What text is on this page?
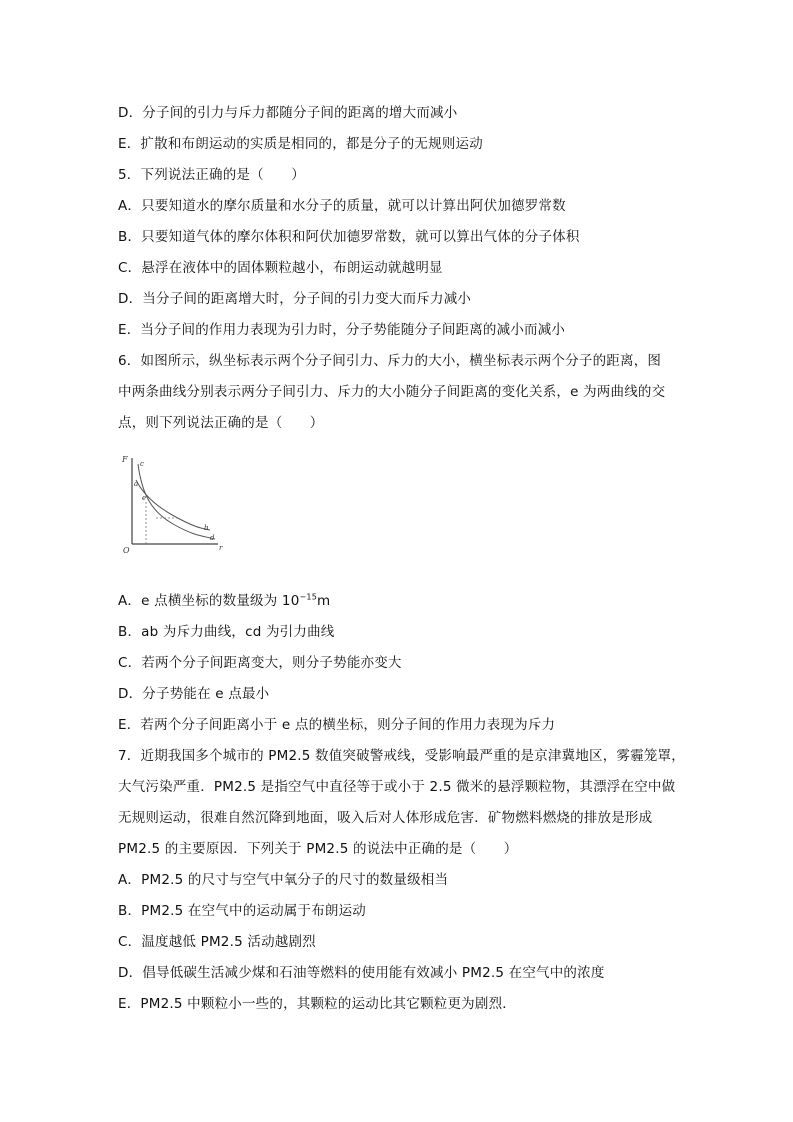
D．分子间的引力与斥力都随分子间的距离的增大而减小
E．扩散和布朗运动的实质是相同的，都是分子的无规则运动
5．下列说法正确的是（　　）
A．只要知道水的摩尔质量和水分子的质量，就可以计算出阿伏加德罗常数
B．只要知道气体的摩尔体积和阿伏加德罗常数，就可以算出气体的分子体积
C．悬浮在液体中的固体颗粒越小，布朗运动就越明显
D．当分子间的距离增大时，分子间的引力变大而斥力减小
E．当分子间的作用力表现为引力时，分子势能随分子间距离的减小而减小
6．如图所示，纵坐标表示两个分子间引力、斥力的大小，横坐标表示两个分子的距离，图
中两条曲线分别表示两分子间引力、斥力的大小随分子间距离的变化关系，e 为两曲线的交
点，则下列说法正确的是（　　）
F
O	r
c
a
e
b
d
A．e 点横坐标的数量级为 $10^{-15}m$
B．ab 为斥力曲线，cd 为引力曲线
C．若两个分子间距离变大，则分子势能亦变大
D．分子势能在 e 点最小
E．若两个分子间距离小于 e 点的横坐标，则分子间的作用力表现为斥力
7．近期我国多个城市的 PM2.5 数值突破警戒线，受影响最严重的是京津冀地区，雾霾笼罩，
大气污染严重．PM2.5 是指空气中直径等于或小于 2.5 微米的悬浮颗粒物，其漂浮在空中做
无规则运动，很难自然沉降到地面，吸入后对人体形成危害．矿物燃料燃烧的排放是形成
PM2.5 的主要原因．下列关于 PM2.5 的说法中正确的是（　　）
A．PM2.5 的尺寸与空气中氧分子的尺寸的数量级相当
B．PM2.5 在空气中的运动属于布朗运动
C．温度越低 PM2.5 活动越剧烈
D．倡导低碳生活减少煤和石油等燃料的使用能有效减小 PM2.5 在空气中的浓度
E．PM2.5 中颗粒小一些的，其颗粒的运动比其它颗粒更为剧烈．
